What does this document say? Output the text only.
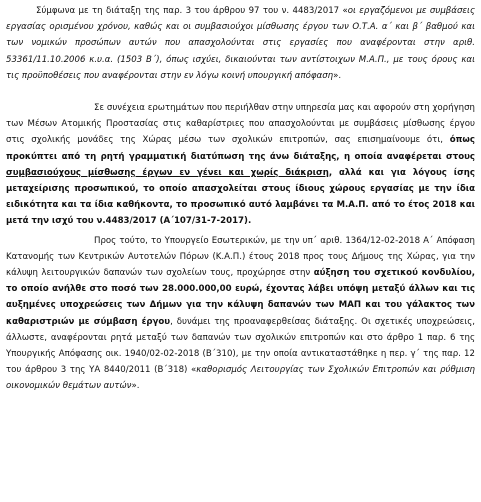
Σύμφωνα με τη διάταξη της παρ. 3 του άρθρου 97 του ν. 4483/2017 «οι εργαζόμενοι με συμβάσεις εργασίας ορισμένου χρόνου, καθώς και οι συμβασιούχοι μίσθωσης έργου των Ο.Τ.Α. α΄ και β΄ βαθμού και των νομικών προσώπων αυτών που απασχολούνται στις εργασίες που αναφέρονται στην αριθ. 53361/11.10.2006 κ.υ.α. (1503 Β΄), όπως ισχύει, δικαιούνται των αντίστοιχων Μ.Α.Π., με τους όρους και τις προϋποθέσεις που αναφέρονται στην εν λόγω κοινή υπουργική απόφαση».

Σε συνέχεια ερωτημάτων που περιήλθαν στην υπηρεσία μας και αφορούν στη χορήγηση των Μέσων Ατομικής Προστασίας στις καθαρίστριες που απασχολούνται με συμβάσεις μίσθωσης έργου στις σχολικής μονάδες της Χώρας μέσω των σχολικών επιτροπών, σας επισημαίνουμε ότι, όπως προκύπτει από τη ρητή γραμματική διατύπωση της άνω διάταξης, η οποία αναφέρεται στους συμβασιούχους μίσθωσης έργων εν γένει και χωρίς διάκριση, αλλά και για λόγους ίσης μεταχείρισης προσωπικού, το οποίο απασχολείται στους ίδιους χώρους εργασίας με την ίδια ειδικότητα και τα ίδια καθήκοντα, το προσωπικό αυτό λαμβάνει τα Μ.Α.Π. από το έτος 2018 και μετά την ισχύ του ν.4483/2017 (Α΄107/31-7-2017).

Προς τούτο, το Υπουργείο Εσωτερικών, με την υπ΄ αριθ. 1364/12-02-2018 Α΄ Απόφαση Κατανομής των Κεντρικών Αυτοτελών Πόρων (Κ.Α.Π.) έτους 2018 προς τους Δήμους της Χώρας, για την κάλυψη λειτουργικών δαπανών των σχολείων τους, προχώρησε στην αύξηση του σχετικού κονδυλίου, το οποίο ανήλθε στο ποσό των 28.000.000,00 ευρώ, έχοντας λάβει υπόψη μεταξύ άλλων και τις αυξημένες υποχρεώσεις των Δήμων για την κάλυψη δαπανών των ΜΑΠ και του γάλακτος των καθαριστριών με σύμβαση έργου, δυνάμει της προαναφερθείσας διάταξης. Οι σχετικές υποχρεώσεις, άλλωστε, αναφέρονται ρητά μεταξύ των δαπανών των σχολικών επιτροπών και στο άρθρο 1 παρ. 6 της Υπουργικής Απόφασης οικ. 1940/02-02-2018 (Β΄310), με την οποία αντικαταστάθηκε η περ. γ΄ της παρ. 12 του άρθρου 3 της ΥΑ 8440/2011 (Β΄318) «καθορισμός Λειτουργίας των Σχολικών Επιτροπών και ρύθμιση οικονομικών θεμάτων αυτών».
